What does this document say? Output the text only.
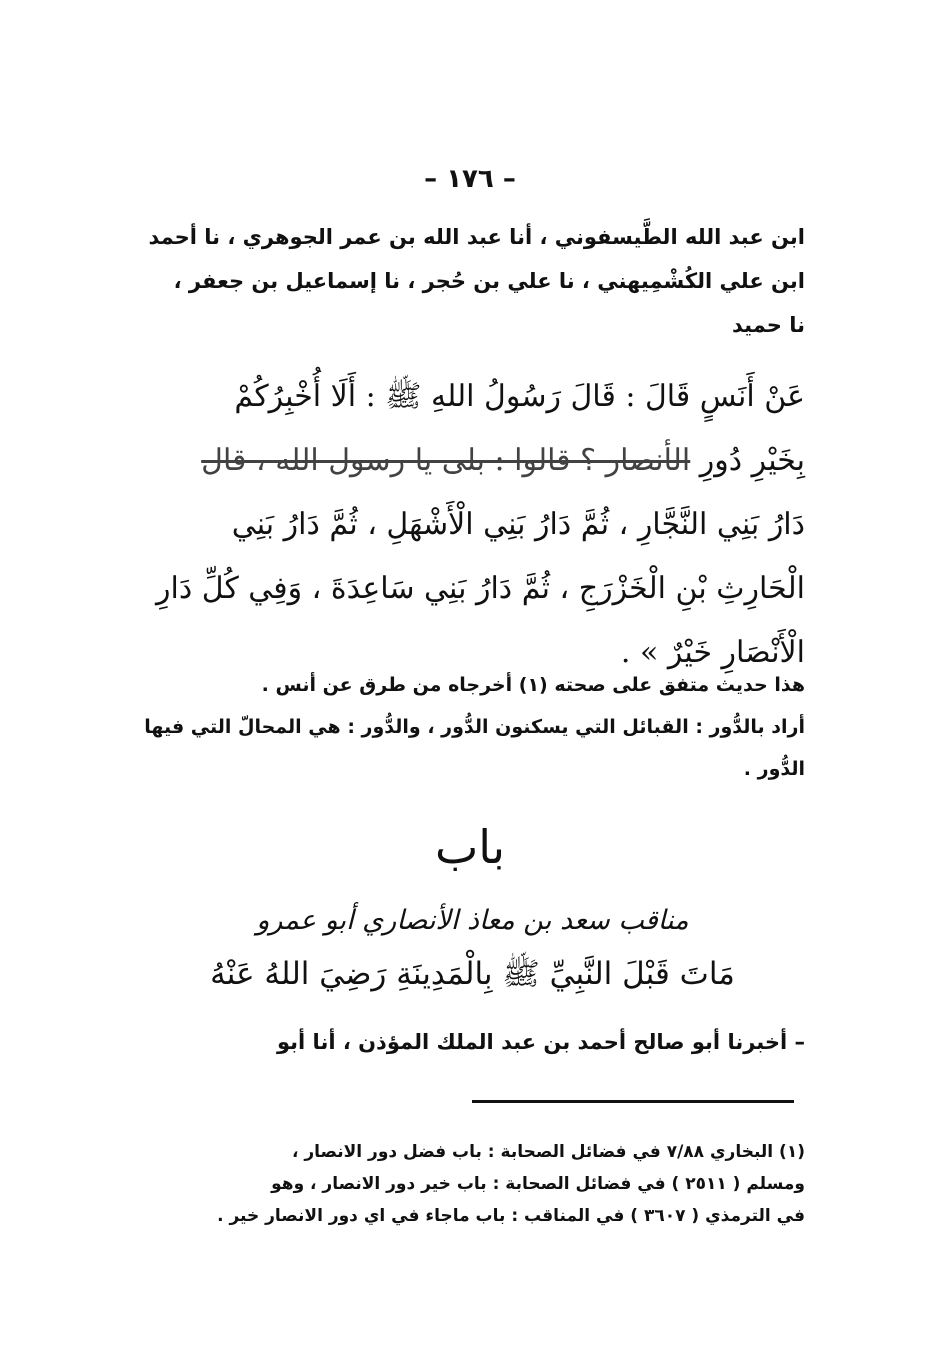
– ١٧٦ –
ابن عبد الله الطَّيسفوني ، أنا عبد الله بن عمر الجوهري ، نا أحمد
ابن علي الكُشْمِيهني ، نا علي بن حُجر ، نا إسماعيل بن جعفر ،
نا حميد
عَنْ أَنَسٍ قَالَ : قَالَ رَسُولُ اللهِ ﷺ : أَلَا أُخْبِرُكُمْ
بِخَيْرِ دُورِ الأنصار ؟ قالوا : بلى يا رسول الله ، قال
دَارُ بَنِي النَّجَّارِ ، ثُمَّ دَارُ بَنِي الْأَشْهَلِ ، ثُمَّ دَارُ بَنِي
الْحَارِثِ بْنِ الْخَزْرَجِ ، ثُمَّ دَارُ بَنِي سَاعِدَةَ ، وَفِي كُلِّ دَارِ
الْأَنْصَارِ خَيْرٌ » .
هذا حديث متفق على صحته (١) أخرجاه من طرق عن أنس .
أراد بالدُّور : القبائل التي يسكنون الدُّور ، والدُّور : هي المحالّ التي فيها
الدُّور .
باب
مناقب سعد بن معاذ الأنصاري أبو عمرو
مَاتَ قَبْلَ النَّبِيِّ ﷺ بِالْمَدِينَةِ رَضِيَ اللهُ عَنْهُ
– أخبرنا أبو صالح أحمد بن عبد الملك المؤذن ، أنا أبو
(١) البخاري ٧/٨٨ في فضائل الصحابة : باب فضل دور الانصار ،
ومسلم ( ٢٥١١ ) في فضائل الصحابة : باب خير دور الانصار ، وهو
في الترمذي ( ٣٦٠٧ ) في المناقب : باب ماجاء في اي دور الانصار خير .
